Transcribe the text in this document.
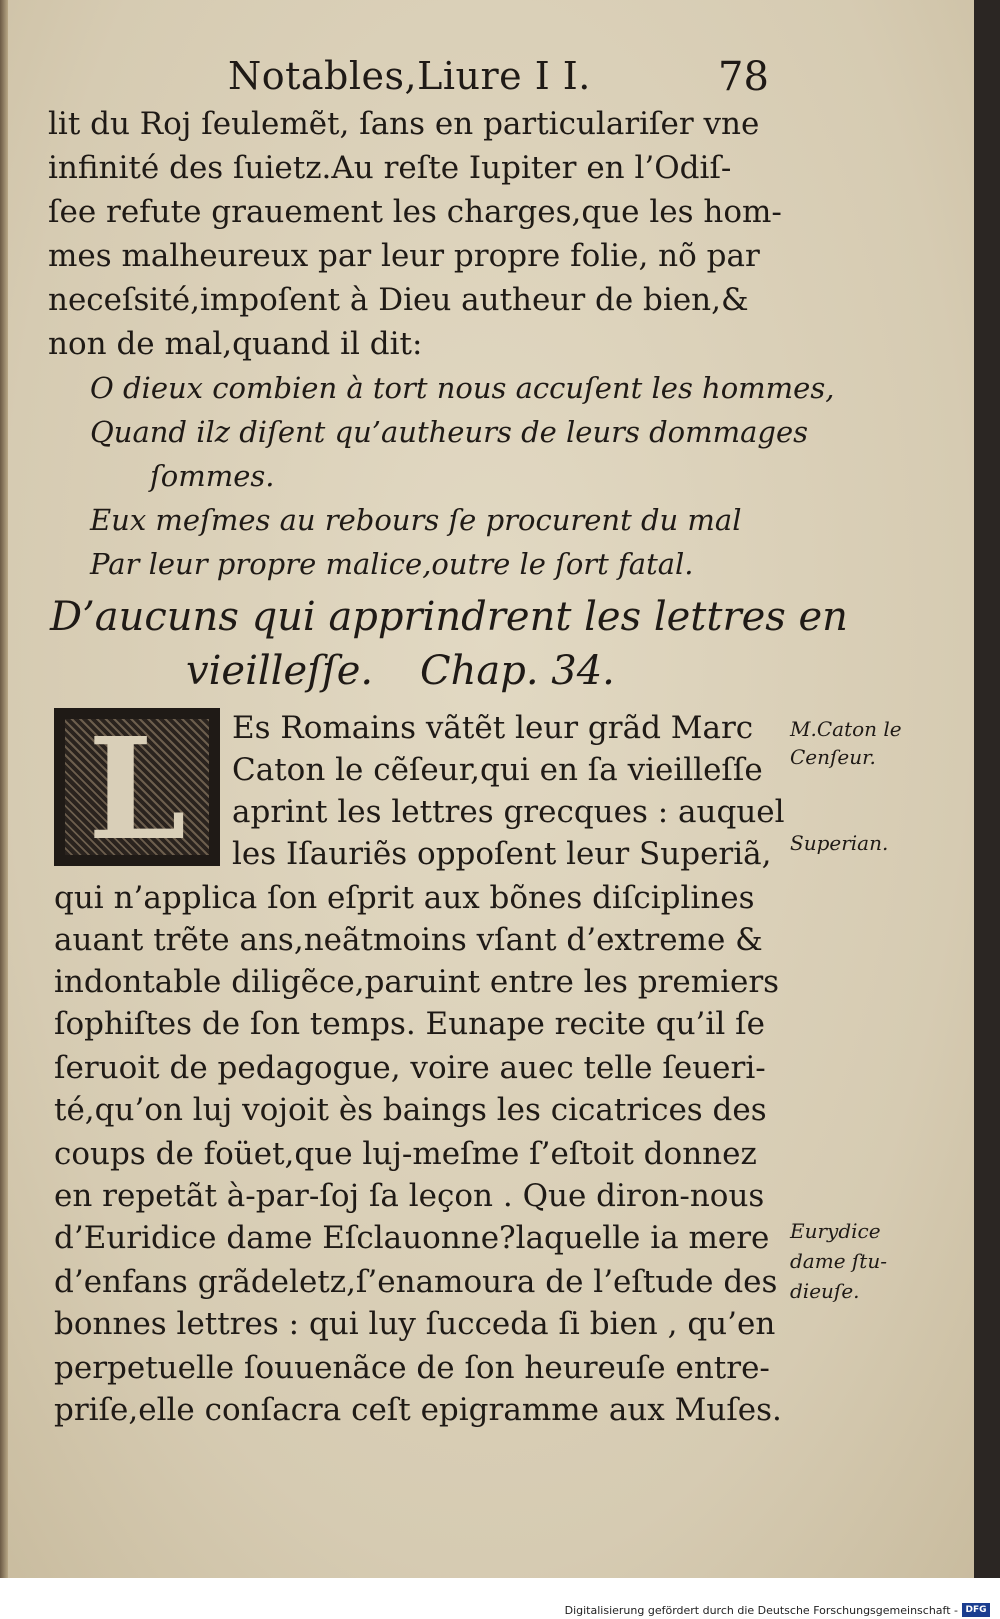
Notables,Liure I I.	78
lit du Roj ſeulemẽt, ſans en particulariſer vne
infinité des ſuietz.Au reſte Iupiter en l’Odiſ-
ſee refute grauement les charges,que les hom-
mes malheureux par leur propre folie, nõ par
neceſsité,impoſent à Dieu autheur de bien,&
non de mal,quand il dit:
O dieux combien à tort nous accuſent les hommes,
Quand ilz diſent qu’autheurs de leurs dommages
ſommes.
Eux meſmes au rebours ſe procurent du mal
Par leur propre malice,outre le ſort fatal.
D’aucuns qui apprindrent les lettres en
vieilleſſe. Chap. 34.
L	Es Romains vãtẽt leur grãd Marc
Caton le cẽſeur,qui en ſa vieilleſſe
aprint les lettres grecques : auquel
les Iſauriẽs oppoſent leur Superiã,
qui n’applica ſon eſprit aux bõnes diſciplines
auant trẽte ans,neãtmoins vſant d’extreme &
indontable diligẽce,paruint entre les premiers
ſophiſtes de ſon temps. Eunape recite qu’il ſe
ſeruoit de pedagogue, voire auec telle ſeueri-
té,qu’on luj vojoit ès baings les cicatrices des
coups de foüet,que luj-meſme ſ’eſtoit donnez
en repetãt à-par-ſoj ſa leçon . Que diron-nous
d’Euridice dame Eſclauonne?laquelle ia mere
d’enfans grãdeletz,ſ’enamoura de l’eſtude des
bonnes lettres : qui luy ſucceda ſi bien , qu’en
perpetuelle ſouuenãce de ſon heureuſe entre-
priſe,elle conſacra ceſt epigramme aux Muſes.
M.Caton le
Cenſeur.
Superian.
Eurydice
dame ſtu-
dieuſe.
Digitalisierung gefördert durch die Deutsche Forschungsgemeinschaft - DFG
